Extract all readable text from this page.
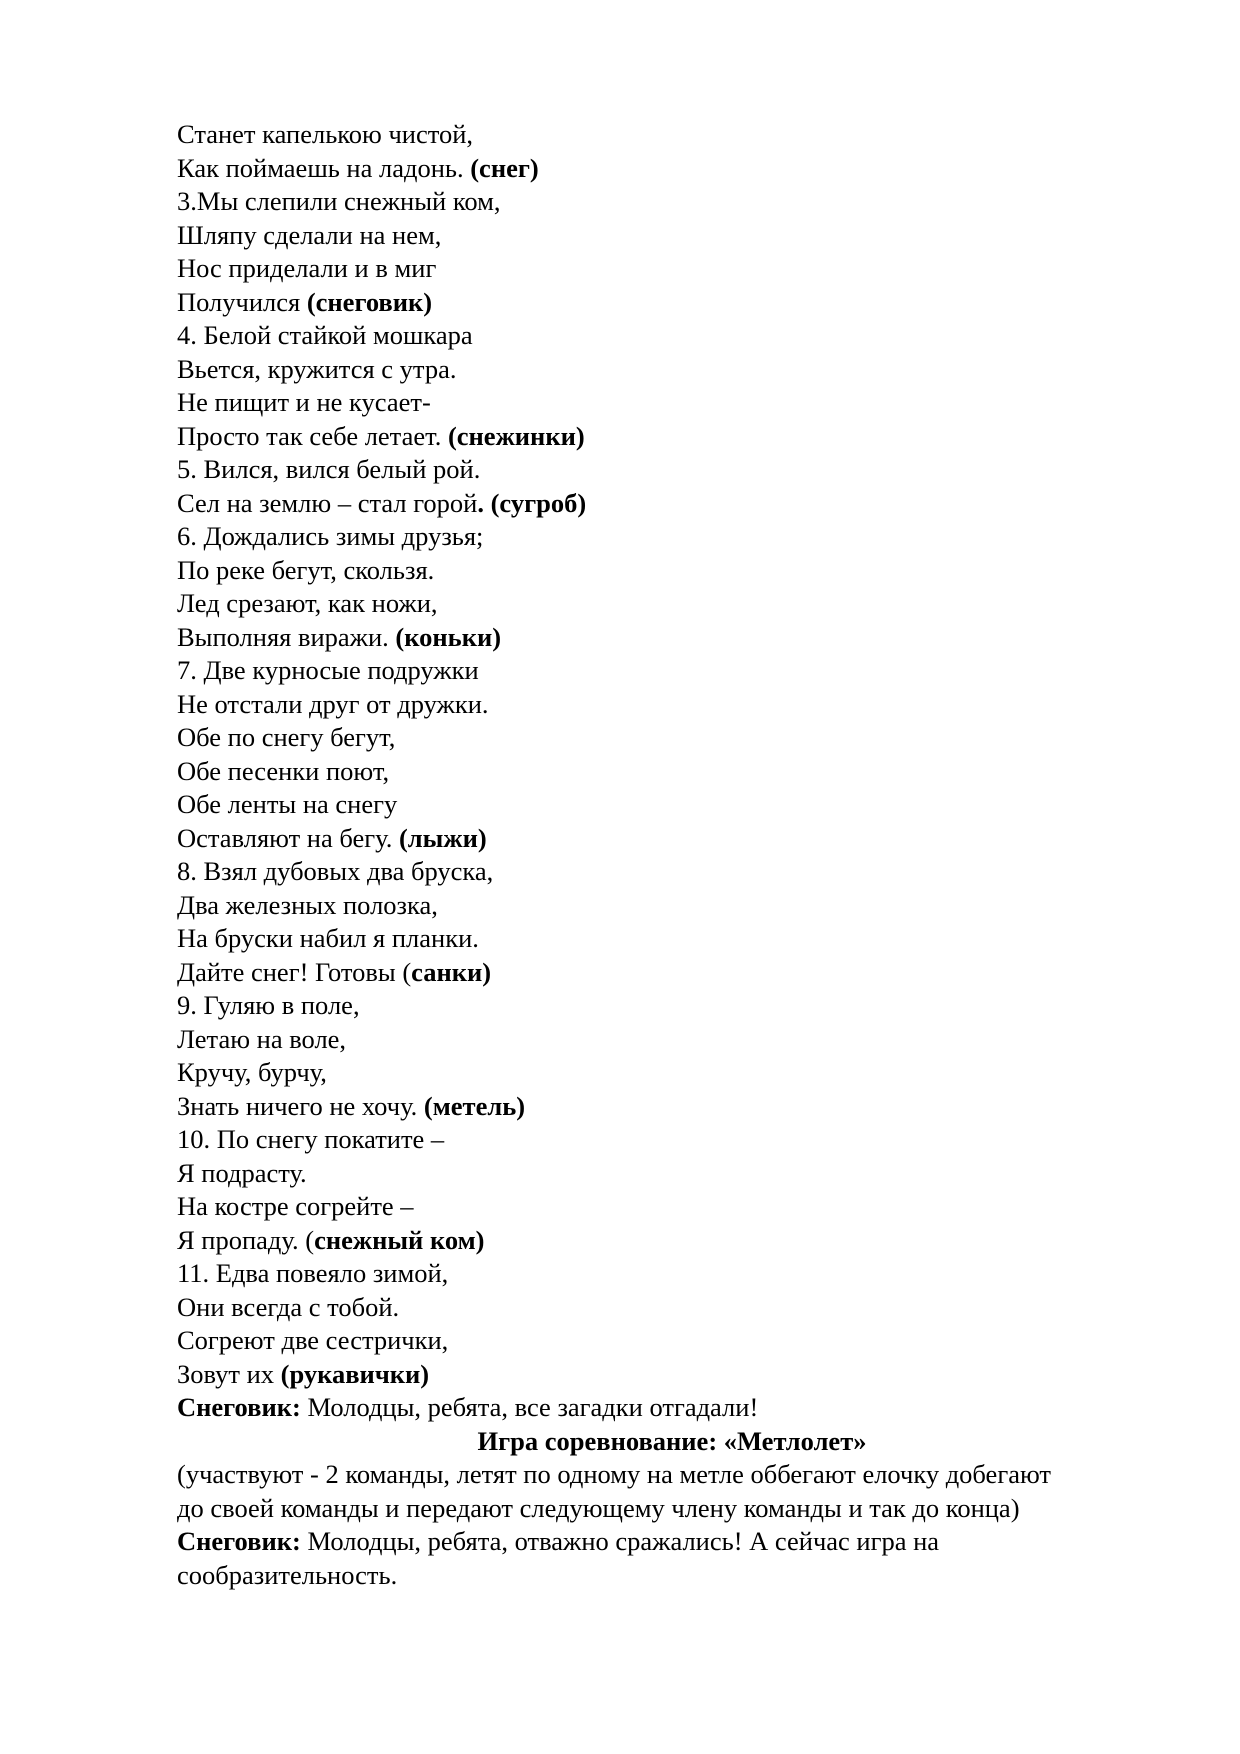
Станет капелькою чистой,
Как поймаешь на ладонь. (снег)
3.Мы слепили снежный ком,
Шляпу сделали на нем,
Нос приделали и в миг
Получился (снеговик)
4. Белой стайкой мошкара
Вьется, кружится с утра.
Не пищит и не кусает-
Просто так себе летает. (снежинки)
5. Вился, вился белый рой.
Сел на землю – стал горой. (сугроб)
6. Дождались зимы друзья;
По реке бегут, скользя.
Лед срезают, как ножи,
Выполняя виражи. (коньки)
7. Две курносые подружки
Не отстали друг от дружки.
Обе по снегу бегут,
Обе песенки поют,
Обе ленты на снегу
Оставляют на бегу. (лыжи)
8. Взял дубовых два бруска,
Два железных полозка,
На бруски набил я планки.
Дайте снег! Готовы (санки)
9. Гуляю в поле,
Летаю на воле,
Кручу, бурчу,
Знать ничего не хочу. (метель)
10. По снегу покатите –
Я подрасту.
На костре согрейте –
Я пропаду. (снежный ком)
11. Едва повеяло зимой,
Они всегда с тобой.
Согреют две сестрички,
Зовут их (рукавички)
Снеговик: Молодцы, ребята, все загадки отгадали!
Игра соревнование: «Метлолет»
(участвуют - 2 команды, летят по одному на метле оббегают елочку добегают
до своей команды и передают следующему члену команды и так до конца)
Снеговик: Молодцы, ребята, отважно сражались! А сейчас игра на
сообразительность.
